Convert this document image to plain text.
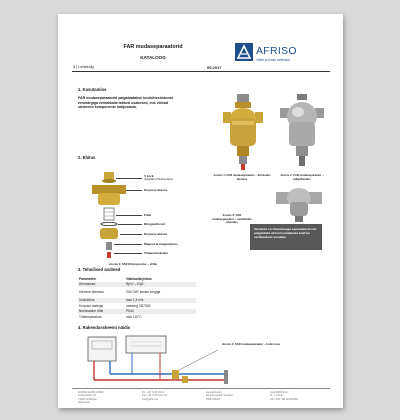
FAR mudaseparaatorid
KATALOOG
1 | Lehekülg	05.2017
AFRISO
Väike ja ohutu lahendus
1. Kasutamine
FAR mudaseparaatorid paigaldatakse kesküttesüsteemi eesmärgiga eemaldada tahked osakesed, mis võivad süsteemi komponente kahjustada.
Joonis 1: FAR mudaseparaator – liitmiseks ülemise
Joonis 2: FAR mudaseparaator – külgühendus
Joonis 3: FAR mudaseparaator – vertikaalne ühendus
Tehaksid on õhendusega separaatorid mis paigaldada all horisontaalsete kuid ka vertikaalsete torudele.
2. Ehitus
V kork
(sisaldab rõhuühendust)
Korpuse ülaosa
Filter
Rõngastihend
Korpuse alaosa
Magnet ja magnetiprus
Tühjenduskraan
Joonis 3: FAR Ehitusjoonise – vihku
3. Tehnilised andmed
Parameeter	Väärtus/kirjeldus
Ühendused	Rp¾" – Rp2"
Ülemine ühendus	GW OW" keskel korgiga
Voolukiirus	max 1,4 m/s
Korpuse materjal	messing CB753S
Nominaalne rõhk	PN10
Töötemperatuur	max 110°C
4. Rakendusskeemi näidis
Joonis 4: FAR mudaseparaator – boileri ees
AFRISO-EURO-INDEX
Lindenstraße 20
74363 Güglingen
Saksamaa
Tel. +49 7135 102-0
Fax +49 7135 102-147
info@afriso.de
www.afriso.de
Registergericht Stuttgart
HRB 100283
Geschäftsführer:
Dr. J. Frank
USt.-IdNr. DE 811263009
